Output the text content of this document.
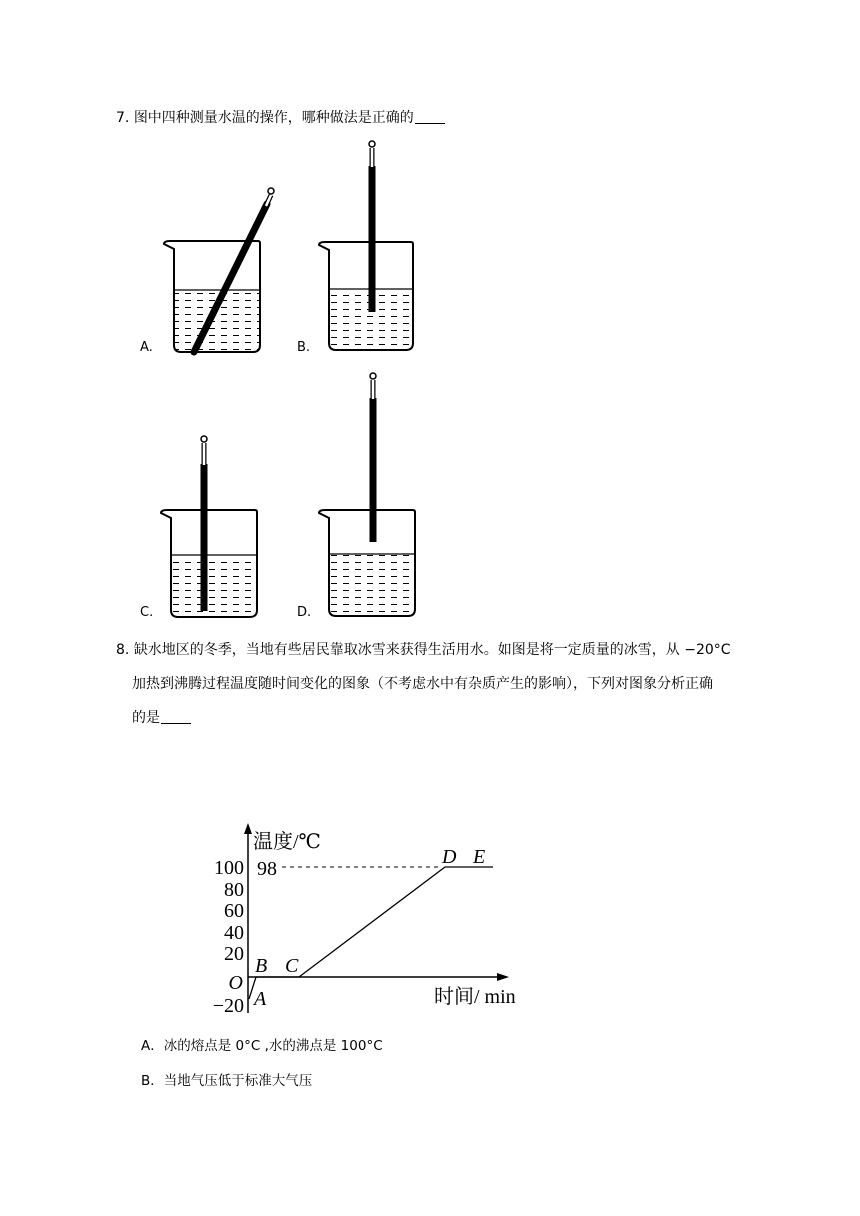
7. 图中四种测量水温的操作，哪种做法是正确的
A.	B.
C.	D.
8. 缺水地区的冬季，当地有些居民靠取冰雪来获得生活用水。如图是将一定质量的冰雪，从 −20°C
加热到沸腾过程温度随时间变化的图象（不考虑水中有杂质产生的影响），下列对图象分析正确
的是
温度/℃
时间/ min
100
80
60
40
20
O
−20
98
A
B C
D E
A．冰的熔点是 0°C ,水的沸点是 100°C
B．当地气压低于标准大气压
